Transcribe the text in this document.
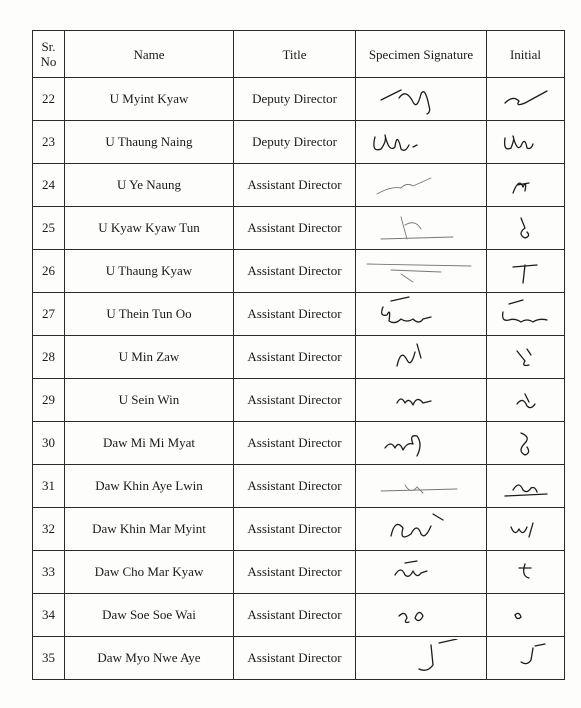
Sr.
No	Name	Title	Specimen Signature	Initial
22	U Myint Kyaw	Deputy Director	

23	U Thaung Naing	Deputy Director	

24	U Ye Naung	Assistant Director	

25	U Kyaw Kyaw Tun	Assistant Director	

26	U Thaung Kyaw	Assistant Director	

27	U Thein Tun Oo	Assistant Director	

28	U Min Zaw	Assistant Director	

29	U Sein Win	Assistant Director	

30	Daw Mi Mi Myat	Assistant Director	

31	Daw Khin Aye Lwin	Assistant Director	

32	Daw Khin Mar Myint	Assistant Director	

33	Daw Cho Mar Kyaw	Assistant Director	

34	Daw Soe Soe Wai	Assistant Director	

35	Daw Myo Nwe Aye	Assistant Director	
